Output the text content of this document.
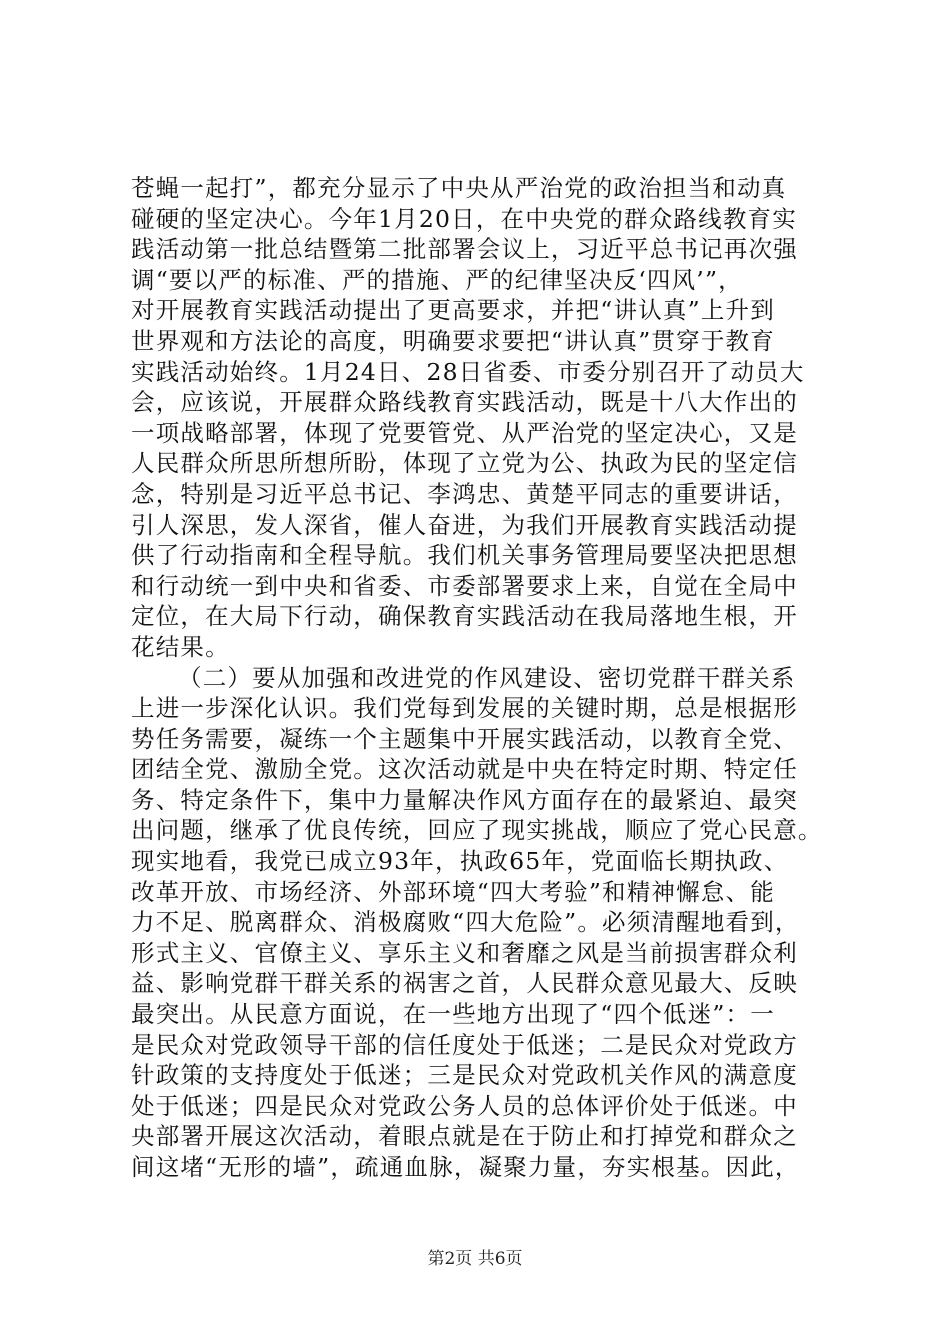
苍蝇一起打”，都充分显示了中央从严治党的政治担当和动真
碰硬的坚定决心。今年1月20日，在中央党的群众路线教育实
践活动第一批总结暨第二批部署会议上，习近平总书记再次强
调“要以严的标准、严的措施、严的纪律坚决反‘四风’”，
对开展教育实践活动提出了更高要求，并把“讲认真”上升到
世界观和方法论的高度，明确要求要把“讲认真”贯穿于教育
实践活动始终。1月24日、28日省委、市委分别召开了动员大
会，应该说，开展群众路线教育实践活动，既是十八大作出的
一项战略部署，体现了党要管党、从严治党的坚定决心，又是
人民群众所思所想所盼，体现了立党为公、执政为民的坚定信
念，特别是习近平总书记、李鸿忠、黄楚平同志的重要讲话，
引人深思，发人深省，催人奋进，为我们开展教育实践活动提
供了行动指南和全程导航。我们机关事务管理局要坚决把思想
和行动统一到中央和省委、市委部署要求上来，自觉在全局中
定位，在大局下行动，确保教育实践活动在我局落地生根，开
花结果。
（二）要从加强和改进党的作风建设、密切党群干群关系
上进一步深化认识。我们党每到发展的关键时期，总是根据形
势任务需要，凝练一个主题集中开展实践活动，以教育全党、
团结全党、激励全党。这次活动就是中央在特定时期、特定任
务、特定条件下，集中力量解决作风方面存在的最紧迫、最突
出问题，继承了优良传统，回应了现实挑战，顺应了党心民意。
现实地看，我党已成立93年，执政65年，党面临长期执政、
改革开放、市场经济、外部环境“四大考验”和精神懈怠、能
力不足、脱离群众、消极腐败“四大危险”。必须清醒地看到，
形式主义、官僚主义、享乐主义和奢靡之风是当前损害群众利
益、影响党群干群关系的祸害之首，人民群众意见最大、反映
最突出。从民意方面说，在一些地方出现了“四个低迷”：一
是民众对党政领导干部的信任度处于低迷；二是民众对党政方
针政策的支持度处于低迷；三是民众对党政机关作风的满意度
处于低迷；四是民众对党政公务人员的总体评价处于低迷。中
央部署开展这次活动，着眼点就是在于防止和打掉党和群众之
间这堵“无形的墙”，疏通血脉，凝聚力量，夯实根基。因此，
第2页 共6页
